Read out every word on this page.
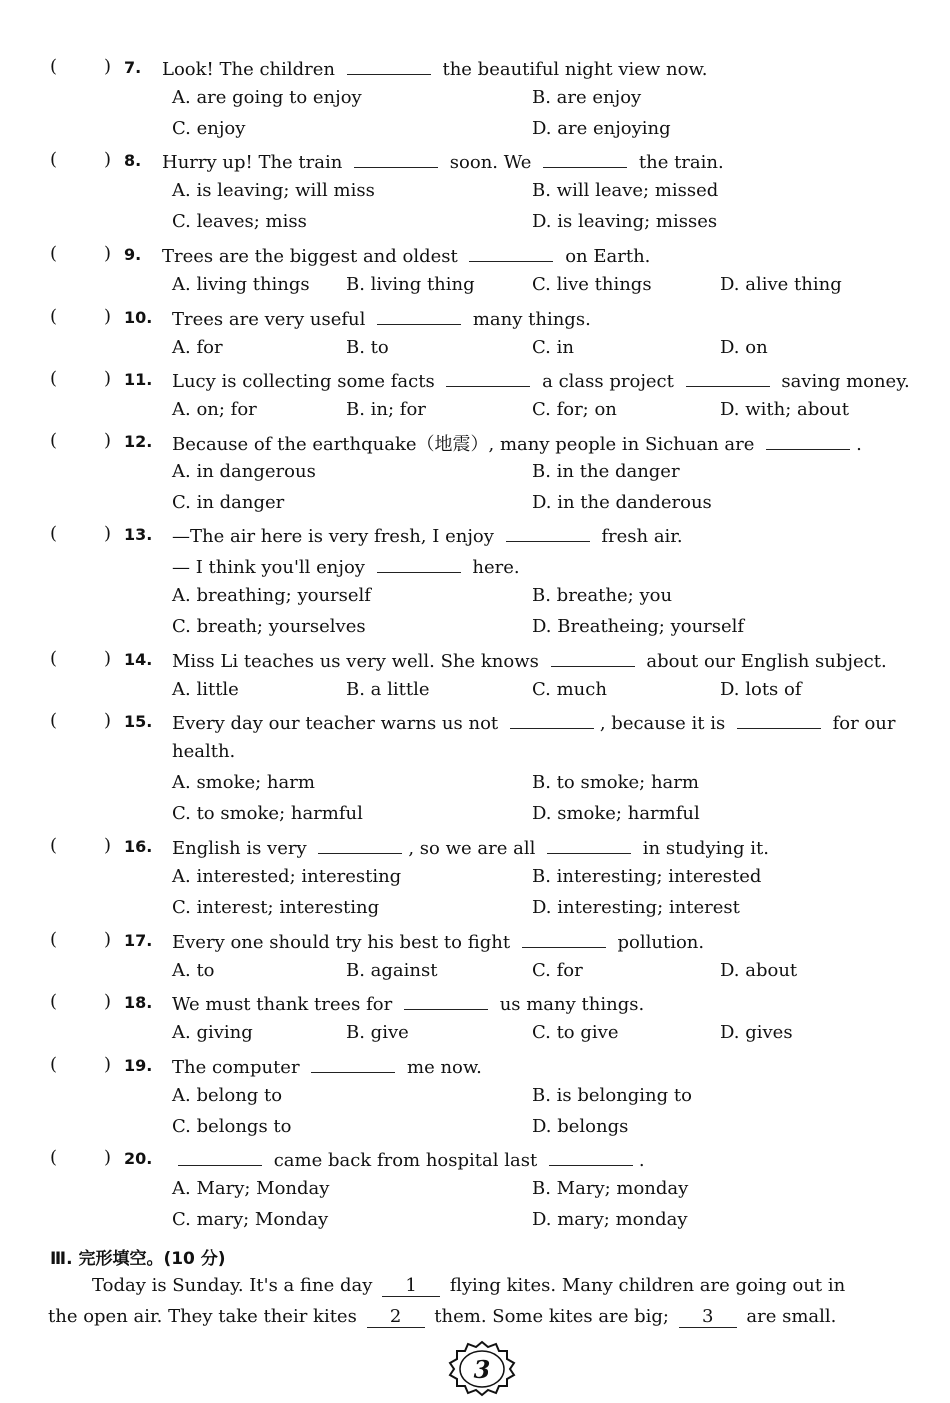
(	) 7. Look! The children	the beautiful night view now.
A. are going to enjoy	B. are enjoy
C. enjoy	D. are enjoying
(	) 8. Hurry up! The train	soon. We	the train.
A. is leaving; will miss	B. will leave; missed
C. leaves; miss	D. is leaving; misses
(	) 9. Trees are the biggest and oldest	on Earth.
A. living things B. living thing	C. live things	D. alive thing
(	) 10. Trees are very useful	many things.
A. for	B. to	C. in	D. on
(	) 11. Lucy is collecting some facts	a class project	saving money.
A. on; for	B. in; for	C. for; on	D. with; about
(	) 12. Because of the earthquake（地震）, many people in Sichuan are	.
A. in dangerous	B. in the danger
C. in danger	D. in the danderous
(	) 13. —The air here is very fresh, I enjoy	fresh air.
— I think you'll enjoy	here.
A. breathing; yourself	B. breathe; you
C. breath; yourselves	D. Breatheing; yourself
(	) 14. Miss Li teaches us very well. She knows	about our English subject.
A. little	B. a little	C. much	D. lots of
(	) 15. Every day our teacher warns us not	, because it is	for our
health.
A. smoke; harm	B. to smoke; harm
C. to smoke; harmful	D. smoke; harmful
(	) 16. English is very	, so we are all	in studying it.
A. interested; interesting	B. interesting; interested
C. interest; interesting	D. interesting; interest
(	) 17. Every one should try his best to fight	pollution.
A. to	B. against	C. for	D. about
(	) 18. We must thank trees for	us many things.
A. giving	B. give	C. to give	D. gives
(	) 19. The computer	me now.
A. belong to	B. is belonging to
C. belongs to	D. belongs
(	) 20.	came back from hospital last	.
A. Mary; Monday	B. Mary; monday
C. mary; Monday	D. mary; monday
Ⅲ. 完形填空。(10 分)
Today is Sunday. It's a fine day 1 flying kites. Many children are going out in
the open air. They take their kites 2 them. Some kites are big; 3 are small.
3
